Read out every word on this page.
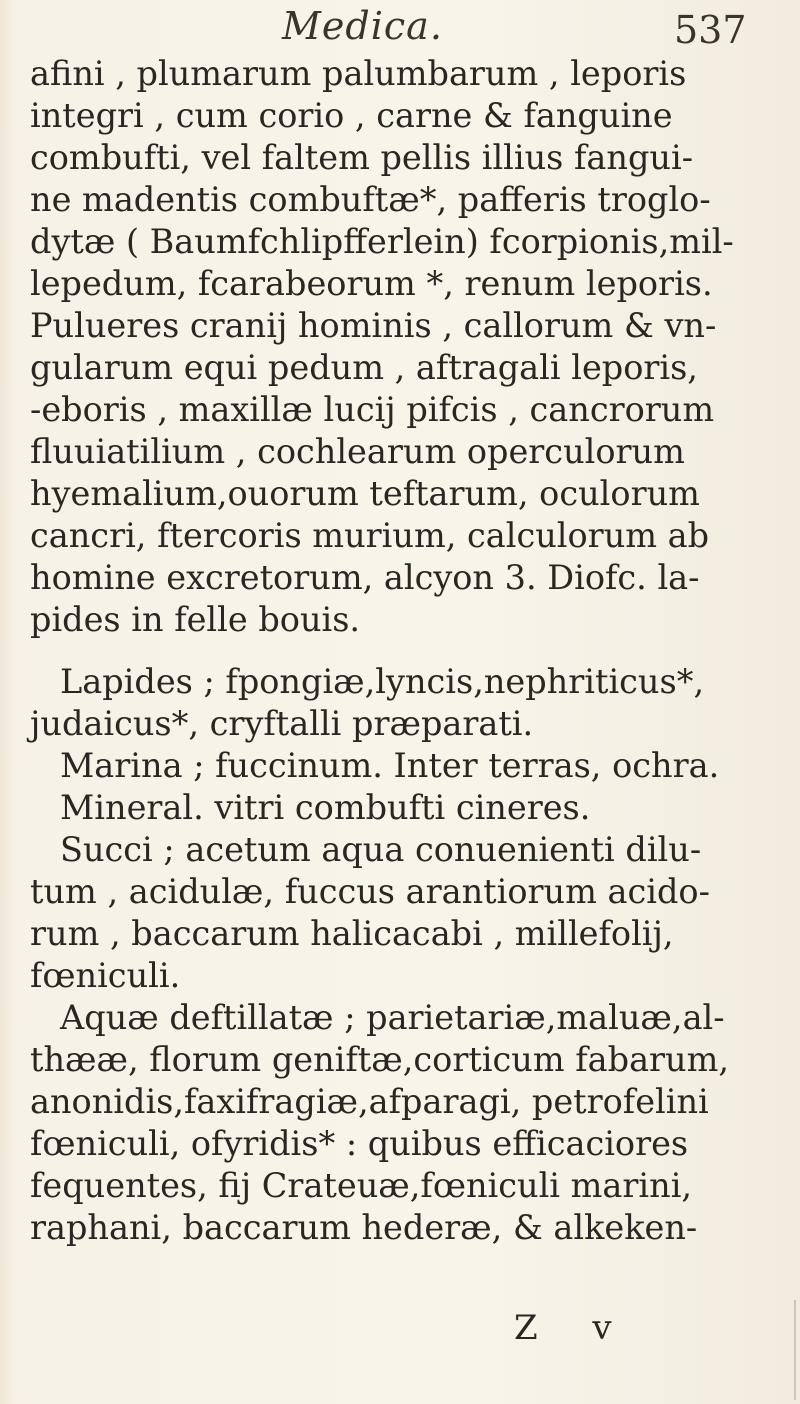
Medica.	537
afini , plumarum palumbarum , leporis
integri , cum corio , carne & fanguine
combufti, vel faltem pellis illius fangui-
ne madentis combuftæ*, pafferis troglo-
dytæ ( Baumfchlipfferlein) fcorpionis,mil-
lepedum, fcarabeorum *, renum leporis.
Pulueres cranij hominis , callorum & vn-
gularum equi pedum , aftragali leporis,
-eboris , maxillæ lucij pifcis , cancrorum
fluuiatilium , cochlearum operculorum
hyemalium,ouorum teftarum, oculorum
cancri, ftercoris murium, calculorum ab
homine excretorum, alcyon 3. Diofc. la-
pides in felle bouis.
Lapides ; fpongiæ,lyncis,nephriticus*,
judaicus*, cryftalli præparati.
Marina ; fuccinum. Inter terras, ochra.
Mineral. vitri combufti cineres.
Succi ; acetum aqua conuenienti dilu-
tum , acidulæ, fuccus arantiorum acido-
rum , baccarum halicacabi , millefolij,
fœniculi.
Aquæ deftillatæ ; parietariæ,maluæ,al-
thææ, florum geniftæ,corticum fabarum,
anonidis,faxifragiæ,afparagi, petrofelini
fœniculi, ofyridis* : quibus efficaciores
fequentes, fij Crateuæ,fœniculi marini,
raphani, baccarum hederæ, & alkeken-
Z v
